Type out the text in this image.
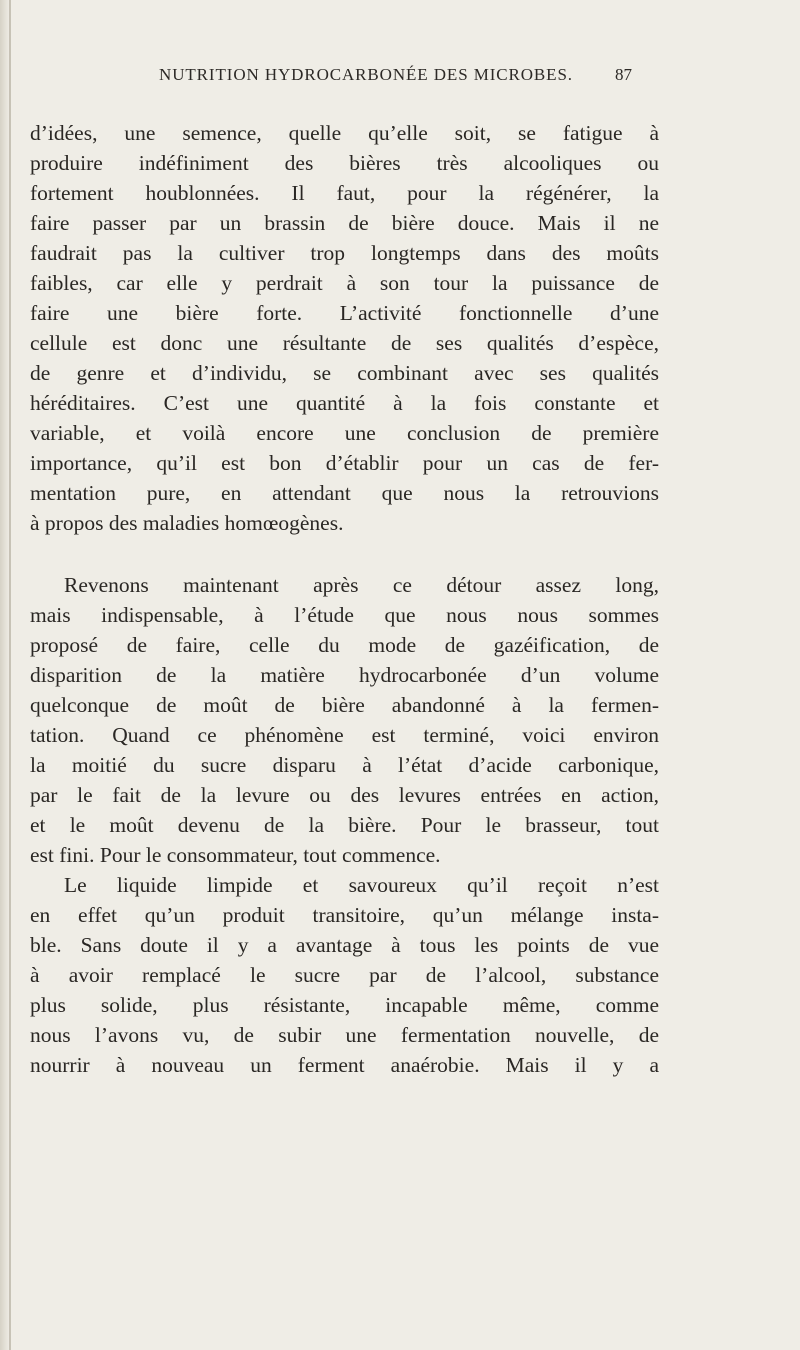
NUTRITION HYDROCARBONÉE DES MICROBES.	87
d’idées, une semence, quelle qu’elle soit, se fatigue à
produire indéfiniment des bières très alcooliques ou
fortement houblonnées. Il faut, pour la régénérer, la
faire passer par un brassin de bière douce. Mais il ne
faudrait pas la cultiver trop longtemps dans des moûts
faibles, car elle y perdrait à son tour la puissance de
faire une bière forte. L’activité fonctionnelle d’une
cellule est donc une résultante de ses qualités d’espèce,
de genre et d’individu, se combinant avec ses qualités
héréditaires. C’est une quantité à la fois constante et
variable, et voilà encore une conclusion de première
importance, qu’il est bon d’établir pour un cas de fer-
mentation pure, en attendant que nous la retrouvions
à propos des maladies homœogènes.
Revenons maintenant après ce détour assez long,
mais indispensable, à l’étude que nous nous sommes
proposé de faire, celle du mode de gazéification, de
disparition de la matière hydrocarbonée d’un volume
quelconque de moût de bière abandonné à la fermen-
tation. Quand ce phénomène est terminé, voici environ
la moitié du sucre disparu à l’état d’acide carbonique,
par le fait de la levure ou des levures entrées en action,
et le moût devenu de la bière. Pour le brasseur, tout
est fini. Pour le consommateur, tout commence.
Le liquide limpide et savoureux qu’il reçoit n’est
en effet qu’un produit transitoire, qu’un mélange insta-
ble. Sans doute il y a avantage à tous les points de vue
à avoir remplacé le sucre par de l’alcool, substance
plus solide, plus résistante, incapable même, comme
nous l’avons vu, de subir une fermentation nouvelle, de
nourrir à nouveau un ferment anaérobie. Mais il y a
